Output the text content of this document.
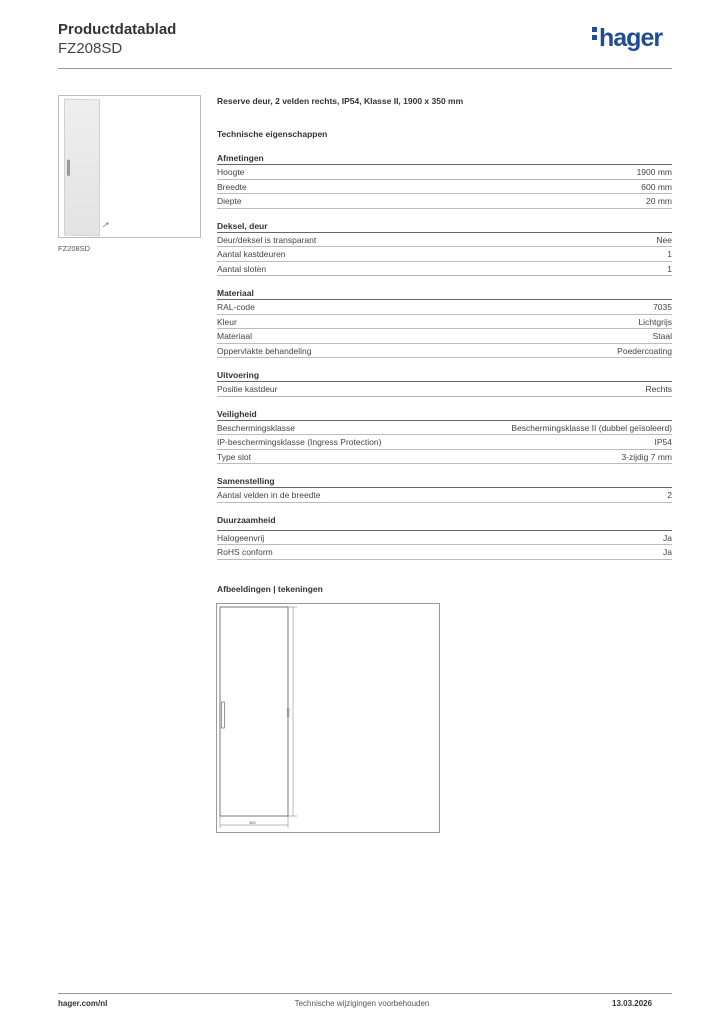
Productdatablad
FZ208SD	hager
FZ208SD
Reserve deur, 2 velden rechts, IP54, Klasse II, 1900 x 350 mm
Technische eigenschappen
Afmetingen
Hoogte	1900 mm
Breedte	600 mm
Diepte	20 mm
Deksel, deur
Deur/deksel is transparant	Nee
Aantal kastdeuren	1
Aantal sloten	1
Materiaal
RAL-code	7035
Kleur	Lichtgrijs
Materiaal	Staal
Oppervlakte behandeling	Poedercoating
Uitvoering
Positie kastdeur	Rechts
Veiligheid
Beschermingsklasse	Beschermingsklasse II (dubbel geïsoleerd)
IP-beschermingsklasse (Ingress Protection)	IP54
Type slot	3-zijdig 7 mm
Samenstelling
Aantal velden in de breedte	2
Duurzaamheid
Halogeenvrij	Ja
RoHS conform	Ja
Afbeeldingen | tekeningen
1900
350
hager.com/nl	Technische wijzigingen voorbehouden	13.03.2026
